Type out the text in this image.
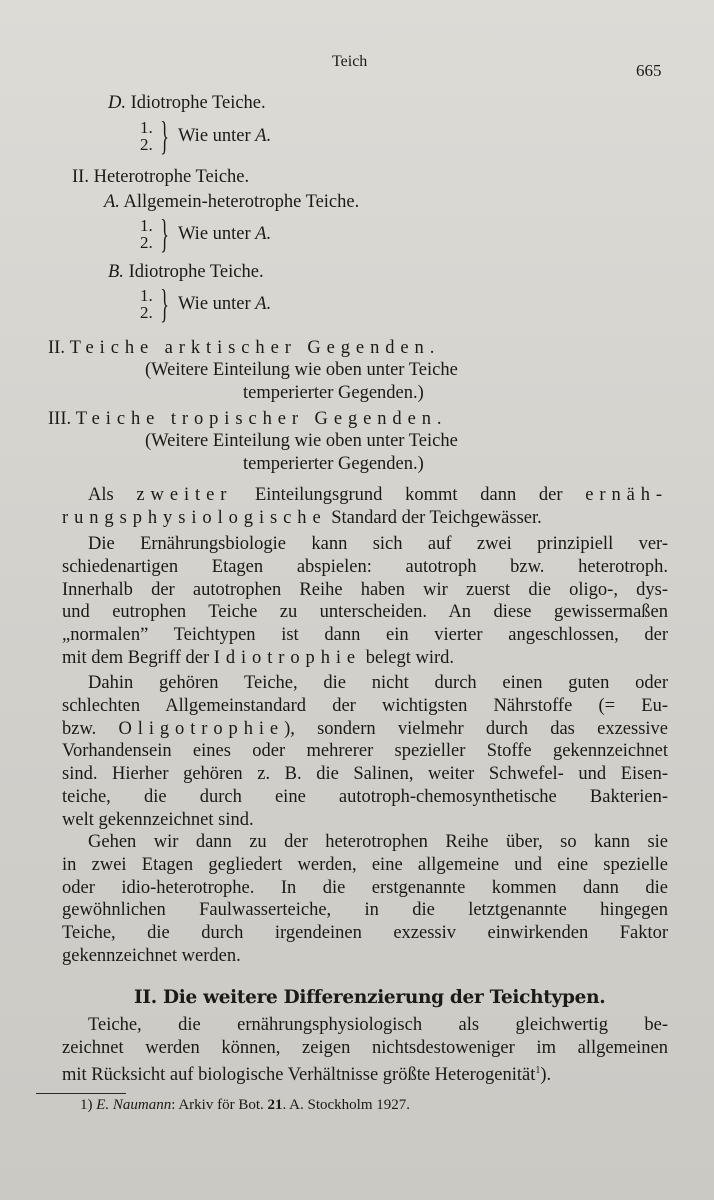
Teich	665
D. Idiotrophe Teiche.
1.
2. } Wie unter A.
II. Heterotrophe Teiche.
A. Allgemein-heterotrophe Teiche.
1.
2. } Wie unter A.
B. Idiotrophe Teiche.
1.
2. } Wie unter A.
II. Teiche arktischer Gegenden.
(Weitere Einteilung wie oben unter Teiche
temperierter Gegenden.)
III. Teiche tropischer Gegenden.
(Weitere Einteilung wie oben unter Teiche
temperierter Gegenden.)
Als zweiter Einteilungsgrund kommt dann der ernäh-
rungsphysiologische Standard der Teichgewässer.
Die Ernährungsbiologie kann sich auf zwei prinzipiell ver-
schiedenartigen Etagen abspielen: autotroph bzw. heterotroph.
Innerhalb der autotrophen Reihe haben wir zuerst die oligo-, dys-
und eutrophen Teiche zu unterscheiden. An diese gewissermaßen
„normalen” Teichtypen ist dann ein vierter angeschlossen, der
mit dem Begriff der Idiotrophie belegt wird.
Dahin gehören Teiche, die nicht durch einen guten oder
schlechten Allgemeinstandard der wichtigsten Nährstoffe (= Eu-
bzw. Oligotrophie), sondern vielmehr durch das exzessive
Vorhandensein eines oder mehrerer spezieller Stoffe gekennzeichnet
sind. Hierher gehören z. B. die Salinen, weiter Schwefel- und Eisen-
teiche, die durch eine autotroph-chemosynthetische Bakterien-
welt gekennzeichnet sind.
Gehen wir dann zu der heterotrophen Reihe über, so kann sie
in zwei Etagen gegliedert werden, eine allgemeine und eine spezielle
oder idio-heterotrophe. In die erstgenannte kommen dann die
gewöhnlichen Faulwasserteiche, in die letztgenannte hingegen
Teiche, die durch irgendeinen exzessiv einwirkenden Faktor
gekennzeichnet werden.
II. Die weitere Differenzierung der Teichtypen.
Teiche, die ernährungsphysiologisch als gleichwertig be-
zeichnet werden können, zeigen nichtsdestoweniger im allgemeinen
mit Rücksicht auf biologische Verhältnisse größte Heterogenität$^1$).
1) E. Naumann: Arkiv för Bot. 21. A. Stockholm 1927.
